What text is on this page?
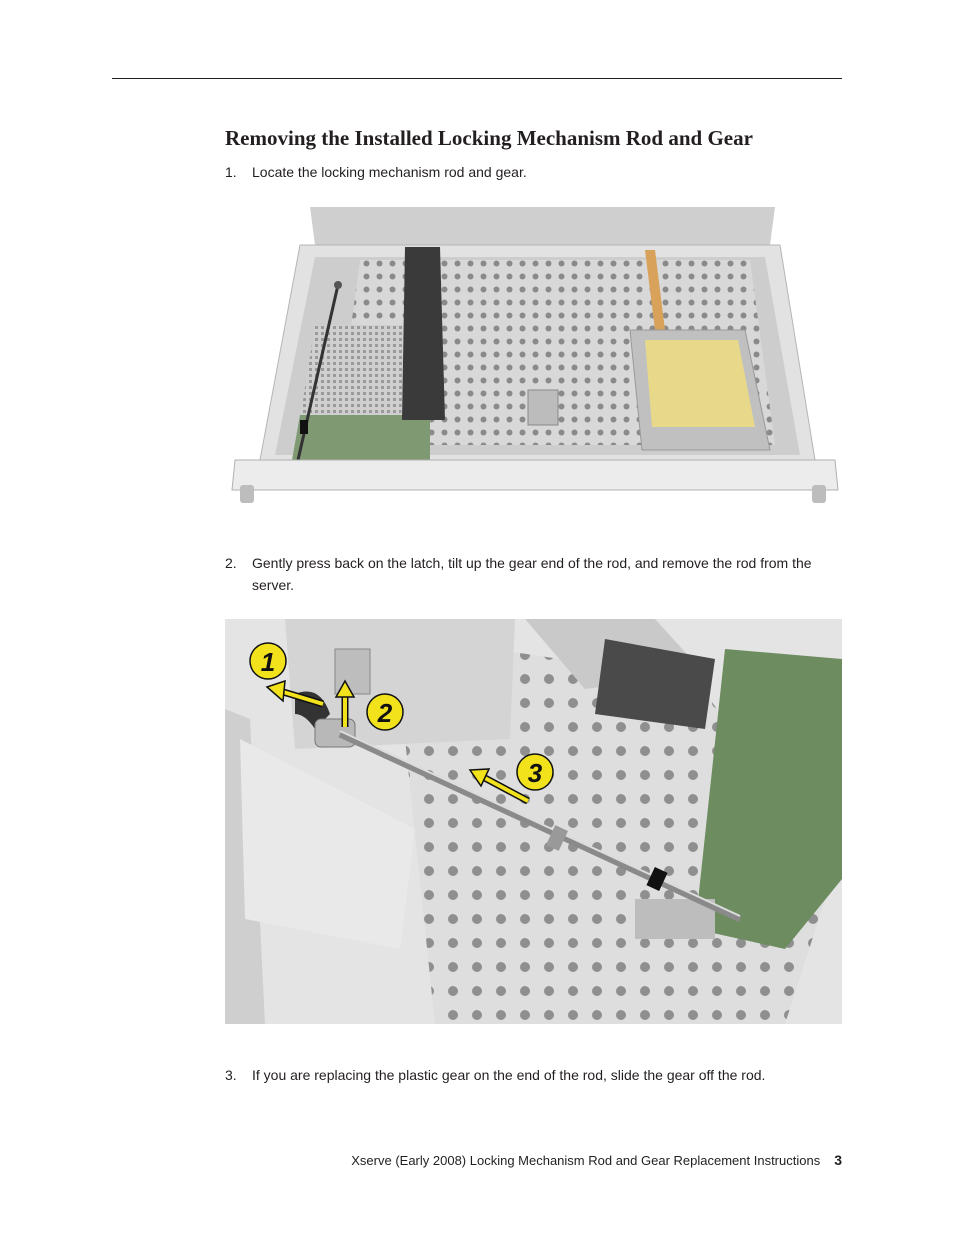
Removing the Installed Locking Mechanism Rod and Gear
1. Locate the locking mechanism rod and gear.
2. Gently press back on the latch, tilt up the gear end of the rod, and remove the rod from the server.
1
2
3
3. If you are replacing the plastic gear on the end of the rod, slide the gear off the rod.
Xserve (Early 2008) Locking Mechanism Rod and Gear Replacement Instructions 3
